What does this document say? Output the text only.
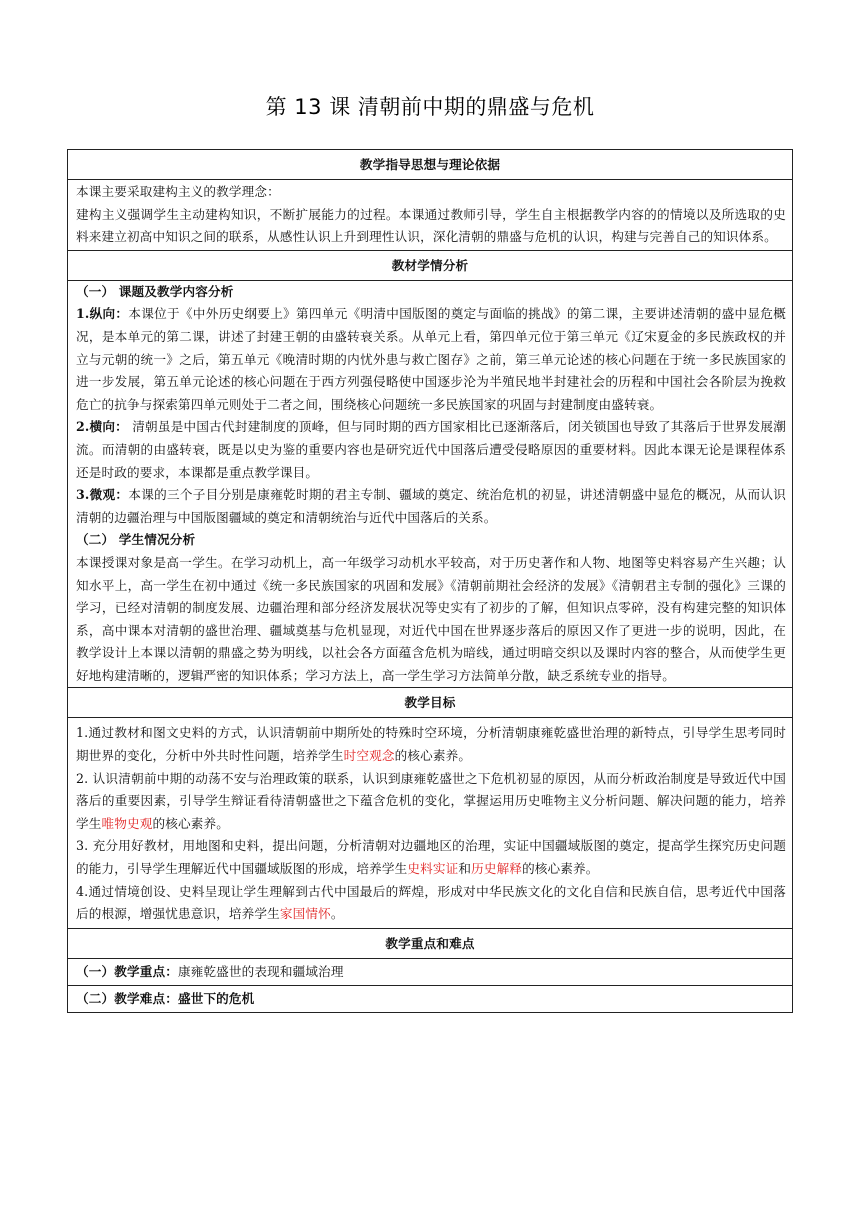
第 13 课 清朝前中期的鼎盛与危机
教学指导思想与理论依据

本课主要采取建构主义的教学理念：

建构主义强调学生主动建构知识，不断扩展能力的过程。本课通过教师引导，学生自主根据教学内容的的情境以及所选取的史料来建立初高中知识之间的联系，从感性认识上升到理性认识，深化清朝的鼎盛与危机的认识，构建与完善自己的知识体系。

教材学情分析

（一） 课题及教学内容分析

1.纵向：本课位于《中外历史纲要上》第四单元《明清中国版图的奠定与面临的挑战》的第二课，主要讲述清朝的盛中显危概况，是本单元的第二课，讲述了封建王朝的由盛转衰关系。从单元上看，第四单元位于第三单元《辽宋夏金的多民族政权的并立与元朝的统一》之后，第五单元《晚清时期的内忧外患与救亡图存》之前，第三单元论述的核心问题在于统一多民族国家的进一步发展，第五单元论述的核心问题在于西方列强侵略使中国逐步沦为半殖民地半封建社会的历程和中国社会各阶层为挽救危亡的抗争与探索第四单元则处于二者之间，围绕核心问题统一多民族国家的巩固与封建制度由盛转衰。

2.横向： 清朝虽是中国古代封建制度的顶峰，但与同时期的西方国家相比已逐渐落后，闭关锁国也导致了其落后于世界发展潮流。而清朝的由盛转衰，既是以史为鉴的重要内容也是研究近代中国落后遭受侵略原因的重要材料。因此本课无论是课程体系还是时政的要求，本课都是重点教学课目。

3.微观：本课的三个子目分别是康雍乾时期的君主专制、疆域的奠定、统治危机的初显，讲述清朝盛中显危的概况，从而认识清朝的边疆治理与中国版图疆域的奠定和清朝统治与近代中国落后的关系。

（二） 学生情况分析

本课授课对象是高一学生。在学习动机上，高一年级学习动机水平较高，对于历史著作和人物、地图等史料容易产生兴趣；认知水平上，高一学生在初中通过《统一多民族国家的巩固和发展》《清朝前期社会经济的发展》《清朝君主专制的强化》三课的学习，已经对清朝的制度发展、边疆治理和部分经济发展状况等史实有了初步的了解，但知识点零碎，没有构建完整的知识体系，高中课本对清朝的盛世治理、疆域奠基与危机显现，对近代中国在世界逐步落后的原因又作了更进一步的说明，因此，在教学设计上本课以清朝的鼎盛之势为明线，以社会各方面蕴含危机为暗线，通过明暗交织以及课时内容的整合，从而使学生更好地构建清晰的，逻辑严密的知识体系；学习方法上，高一学生学习方法简单分散，缺乏系统专业的指导。

教学目标

1.通过教材和图文史料的方式，认识清朝前中期所处的特殊时空环境，分析清朝康雍乾盛世治理的新特点，引导学生思考同时期世界的变化，分析中外共时性问题，培养学生时空观念的核心素养。

2. 认识清朝前中期的动荡不安与治理政策的联系，认识到康雍乾盛世之下危机初显的原因，从而分析政治制度是导致近代中国落后的重要因素，引导学生辩证看待清朝盛世之下蕴含危机的变化，掌握运用历史唯物主义分析问题、解决问题的能力，培养学生唯物史观的核心素养。

3. 充分用好教材，用地图和史料，提出问题，分析清朝对边疆地区的治理，实证中国疆域版图的奠定，提高学生探究历史问题的能力，引导学生理解近代中国疆域版图的形成，培养学生史料实证和历史解释的核心素养。

4.通过情境创设、史料呈现让学生理解到古代中国最后的辉煌，形成对中华民族文化的文化自信和民族自信，思考近代中国落后的根源，增强忧患意识，培养学生家国情怀。

教学重点和难点
（一）教学重点：康雍乾盛世的表现和疆域治理
（二）教学难点：盛世下的危机
